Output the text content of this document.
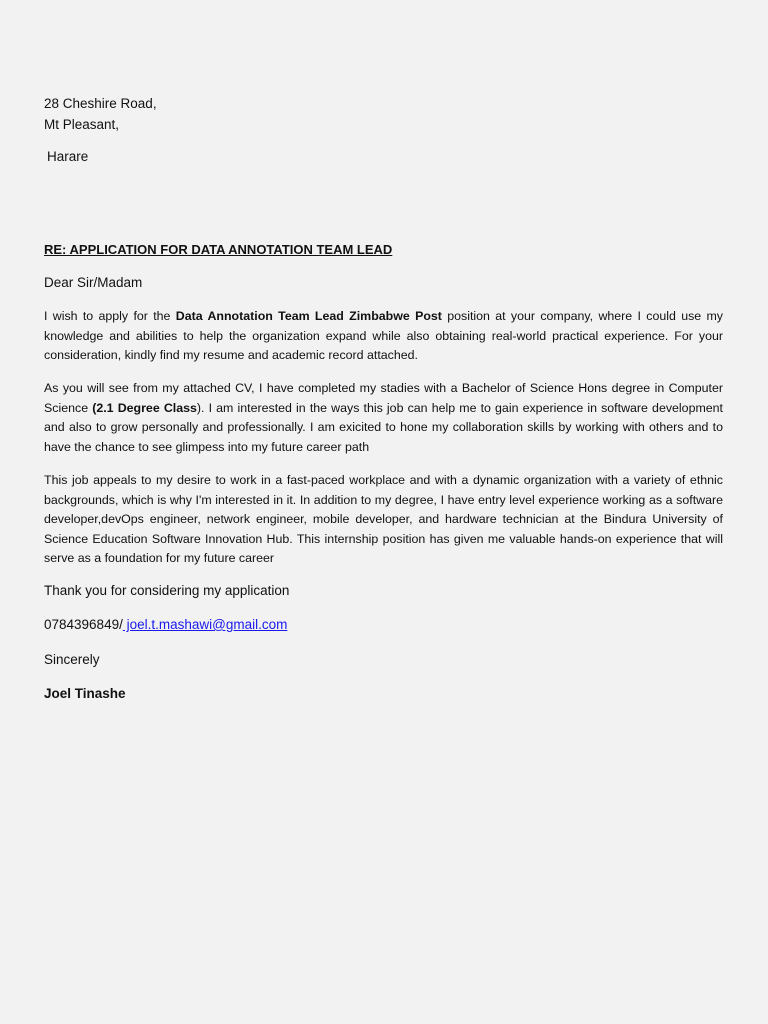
28 Cheshire Road,
Mt Pleasant,
Harare
RE: APPLICATION FOR DATA ANNOTATION TEAM LEAD
Dear Sir/Madam

I wish to apply for the Data Annotation Team Lead Zimbabwe Post position at your company, where I could use my knowledge and abilities to help the organization expand while also obtaining real-world practical experience. For your consideration, kindly find my resume and academic record attached.

As you will see from my attached CV, I have completed my stadies with a Bachelor of Science Hons degree in Computer Science (2.1 Degree Class). I am interested in the ways this job can help me to gain experience in software development and also to grow personally and professionally. I am exicited to hone my collaboration skills by working with others and to have the chance to see glimpess into my future career path

This job appeals to my desire to work in a fast-paced workplace and with a dynamic organization with a variety of ethnic backgrounds, which is why I'm interested in it. In addition to my degree, I have entry level experience working as a software developer,devOps engineer, network engineer, mobile developer, and hardware technician at the Bindura University of Science Education Software Innovation Hub. This internship position has given me valuable hands-on experience that will serve as a foundation for my future career

Thank you for considering my application
0784396849/ joel.t.mashawi@gmail.com
Sincerely
Joel Tinashe
